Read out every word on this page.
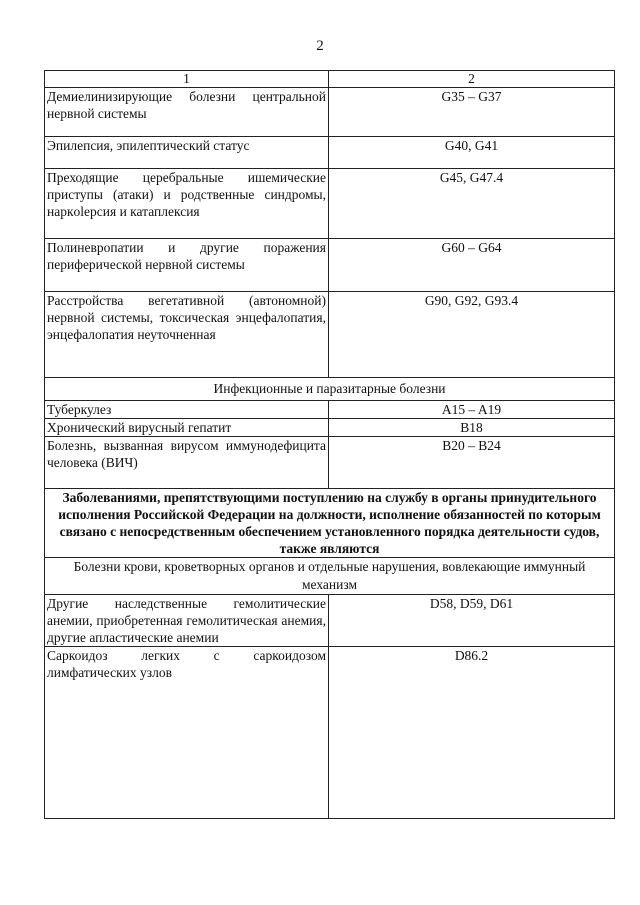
2
1	2
Демиелинизирующие болезни центральной нервной системы	G35 – G37
Эпилепсия, эпилептический статус	G40, G41
Преходящие церебральные ишемические приступы (атаки) и родственные синдромы, наркolepсия и катаплексия	G45, G47.4
Полиневропатии и другие поражения периферической нервной системы	G60 – G64
Расстройства вегетативной (автономной) нервной системы, токсическая энцефалопатия, энцефалопатия неуточненная	G90, G92, G93.4
Инфекционные и паразитарные болезни	
Туберкулез	A15 – A19
Хронический вирусный гепатит	B18
Болезнь, вызванная вирусом иммунодефицита человека (ВИЧ)	B20 – B24
Заболеваниями, препятствующими поступлению на службу в органы принудительного исполнения Российской Федерации на должности, исполнение обязанностей по которым связано с непосредственным обеспечением установленного порядка деятельности судов, также являются	
Болезни крови, кроветворных органов и отдельные нарушения, вовлекающие иммунный механизм	
Другие наследственные гемолитические анемии, приобретенная гемолитическая анемия, другие апластические анемии	D58, D59, D61
Саркоидоз легких с саркоидозом лимфатических узлов	D86.2
